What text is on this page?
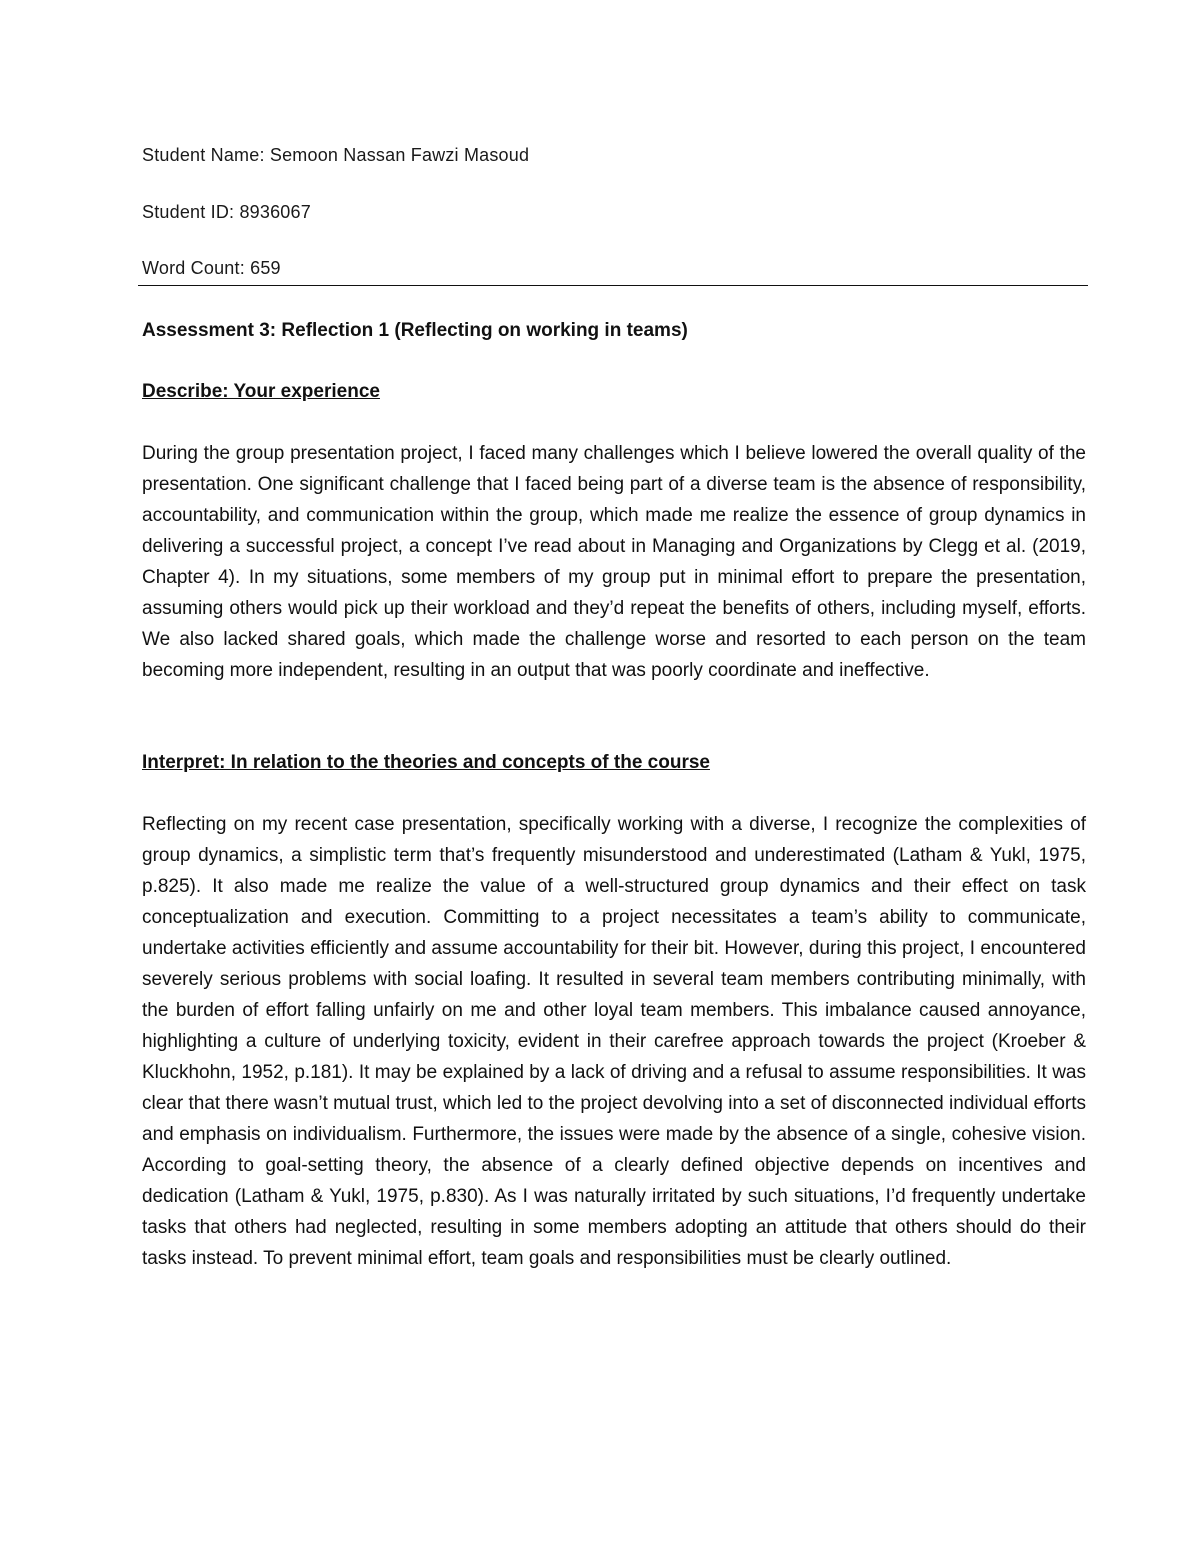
Student Name: Semoon Nassan Fawzi Masoud
Student ID: 8936067
Word Count: 659
Assessment 3: Reflection 1 (Reflecting on working in teams)
Describe: Your experience

During the group presentation project, I faced many challenges which I believe lowered the overall quality of the presentation. One significant challenge that I faced being part of a diverse team is the absence of responsibility, accountability, and communication within the group, which made me realize the essence of group dynamics in delivering a successful project, a concept I’ve read about in Managing and Organizations by Clegg et al. (2019, Chapter 4). In my situations, some members of my group put in minimal effort to prepare the presentation, assuming others would pick up their workload and they’d repeat the benefits of others, including myself, efforts. We also lacked shared goals, which made the challenge worse and resorted to each person on the team becoming more independent, resulting in an output that was poorly coordinate and ineffective.

Interpret: In relation to the theories and concepts of the course

Reflecting on my recent case presentation, specifically working with a diverse, I recognize the complexities of group dynamics, a simplistic term that’s frequently misunderstood and underestimated (Latham & Yukl, 1975, p.825). It also made me realize the value of a well-structured group dynamics and their effect on task conceptualization and execution. Committing to a project necessitates a team’s ability to communicate, undertake activities efficiently and assume accountability for their bit. However, during this project, I encountered severely serious problems with social loafing. It resulted in several team members contributing minimally, with the burden of effort falling unfairly on me and other loyal team members. This imbalance caused annoyance, highlighting a culture of underlying toxicity, evident in their carefree approach towards the project (Kroeber & Kluckhohn, 1952, p.181). It may be explained by a lack of driving and a refusal to assume responsibilities. It was clear that there wasn’t mutual trust, which led to the project devolving into a set of disconnected individual efforts and emphasis on individualism. Furthermore, the issues were made by the absence of a single, cohesive vision. According to goal-setting theory, the absence of a clearly defined objective depends on incentives and dedication (Latham & Yukl, 1975, p.830). As I was naturally irritated by such situations, I’d frequently undertake tasks that others had neglected, resulting in some members adopting an attitude that others should do their tasks instead. To prevent minimal effort, team goals and responsibilities must be clearly outlined.
